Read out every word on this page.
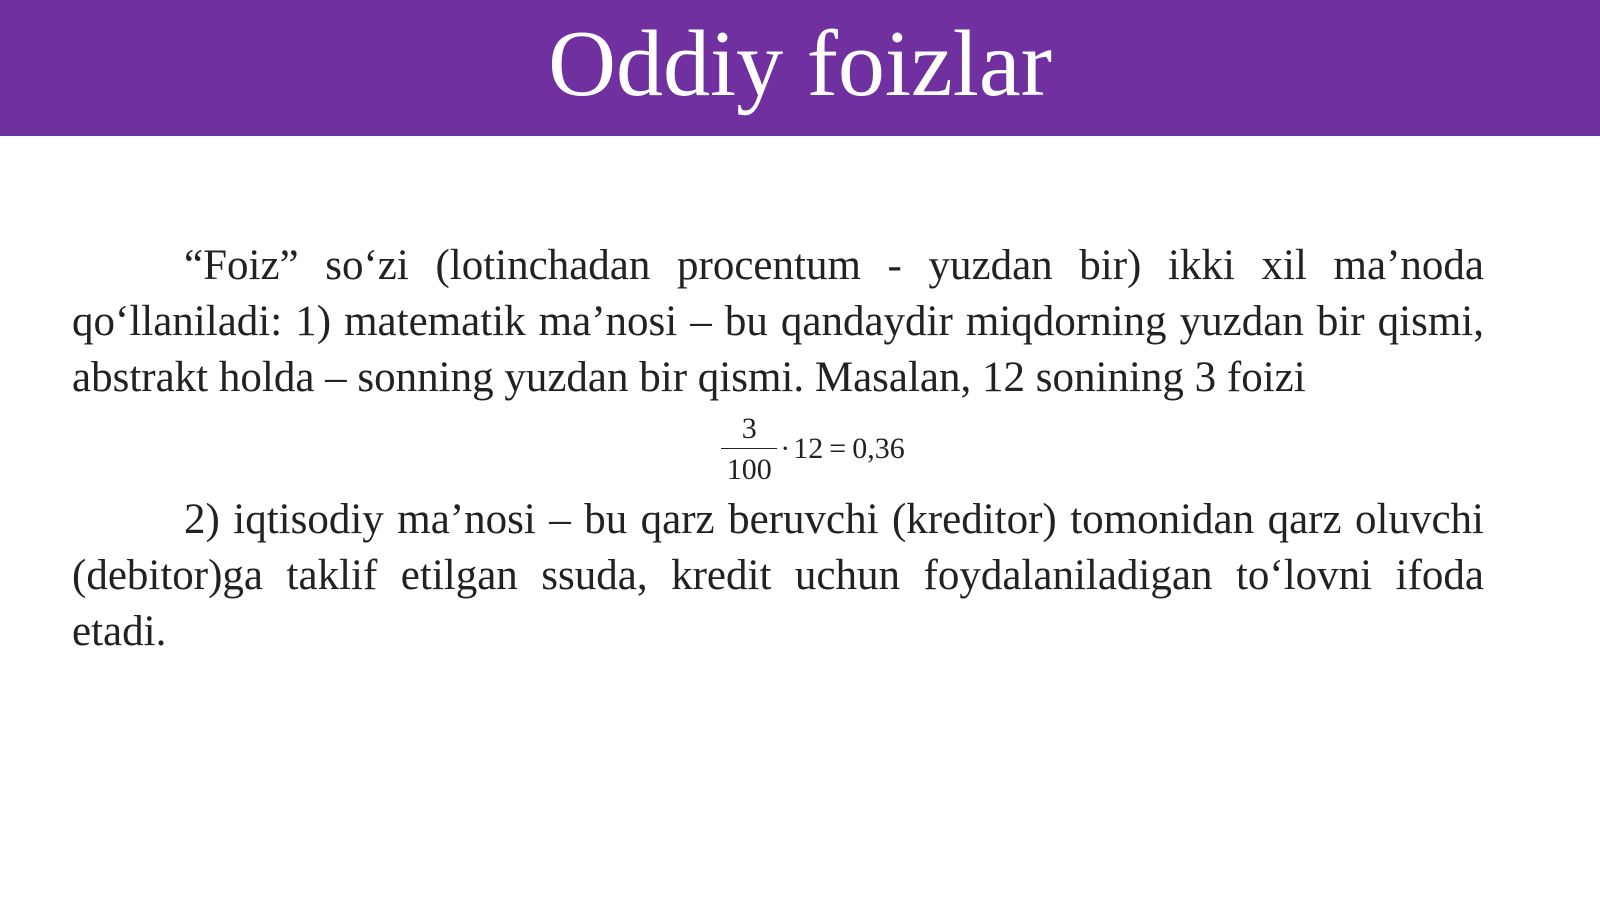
Oddiy foizlar

“Foiz” so‘zi (lotinchadan procentum - yuzdan bir) ikki xil ma’noda qo‘llaniladi: 1) matematik ma’nosi – bu qandaydir miqdorning yuzdan bir qismi, abstrakt holda – sonning yuzdan bir qismi. Masalan, 12 sonining 3 foizi

$\frac{3}{100} \cdot 12 = 0,36$

2) iqtisodiy ma’nosi – bu qarz beruvchi (kreditor) tomonidan qarz oluvchi (debitor)ga taklif etilgan ssuda, kredit uchun foydalaniladigan to‘lovni ifoda etadi.
